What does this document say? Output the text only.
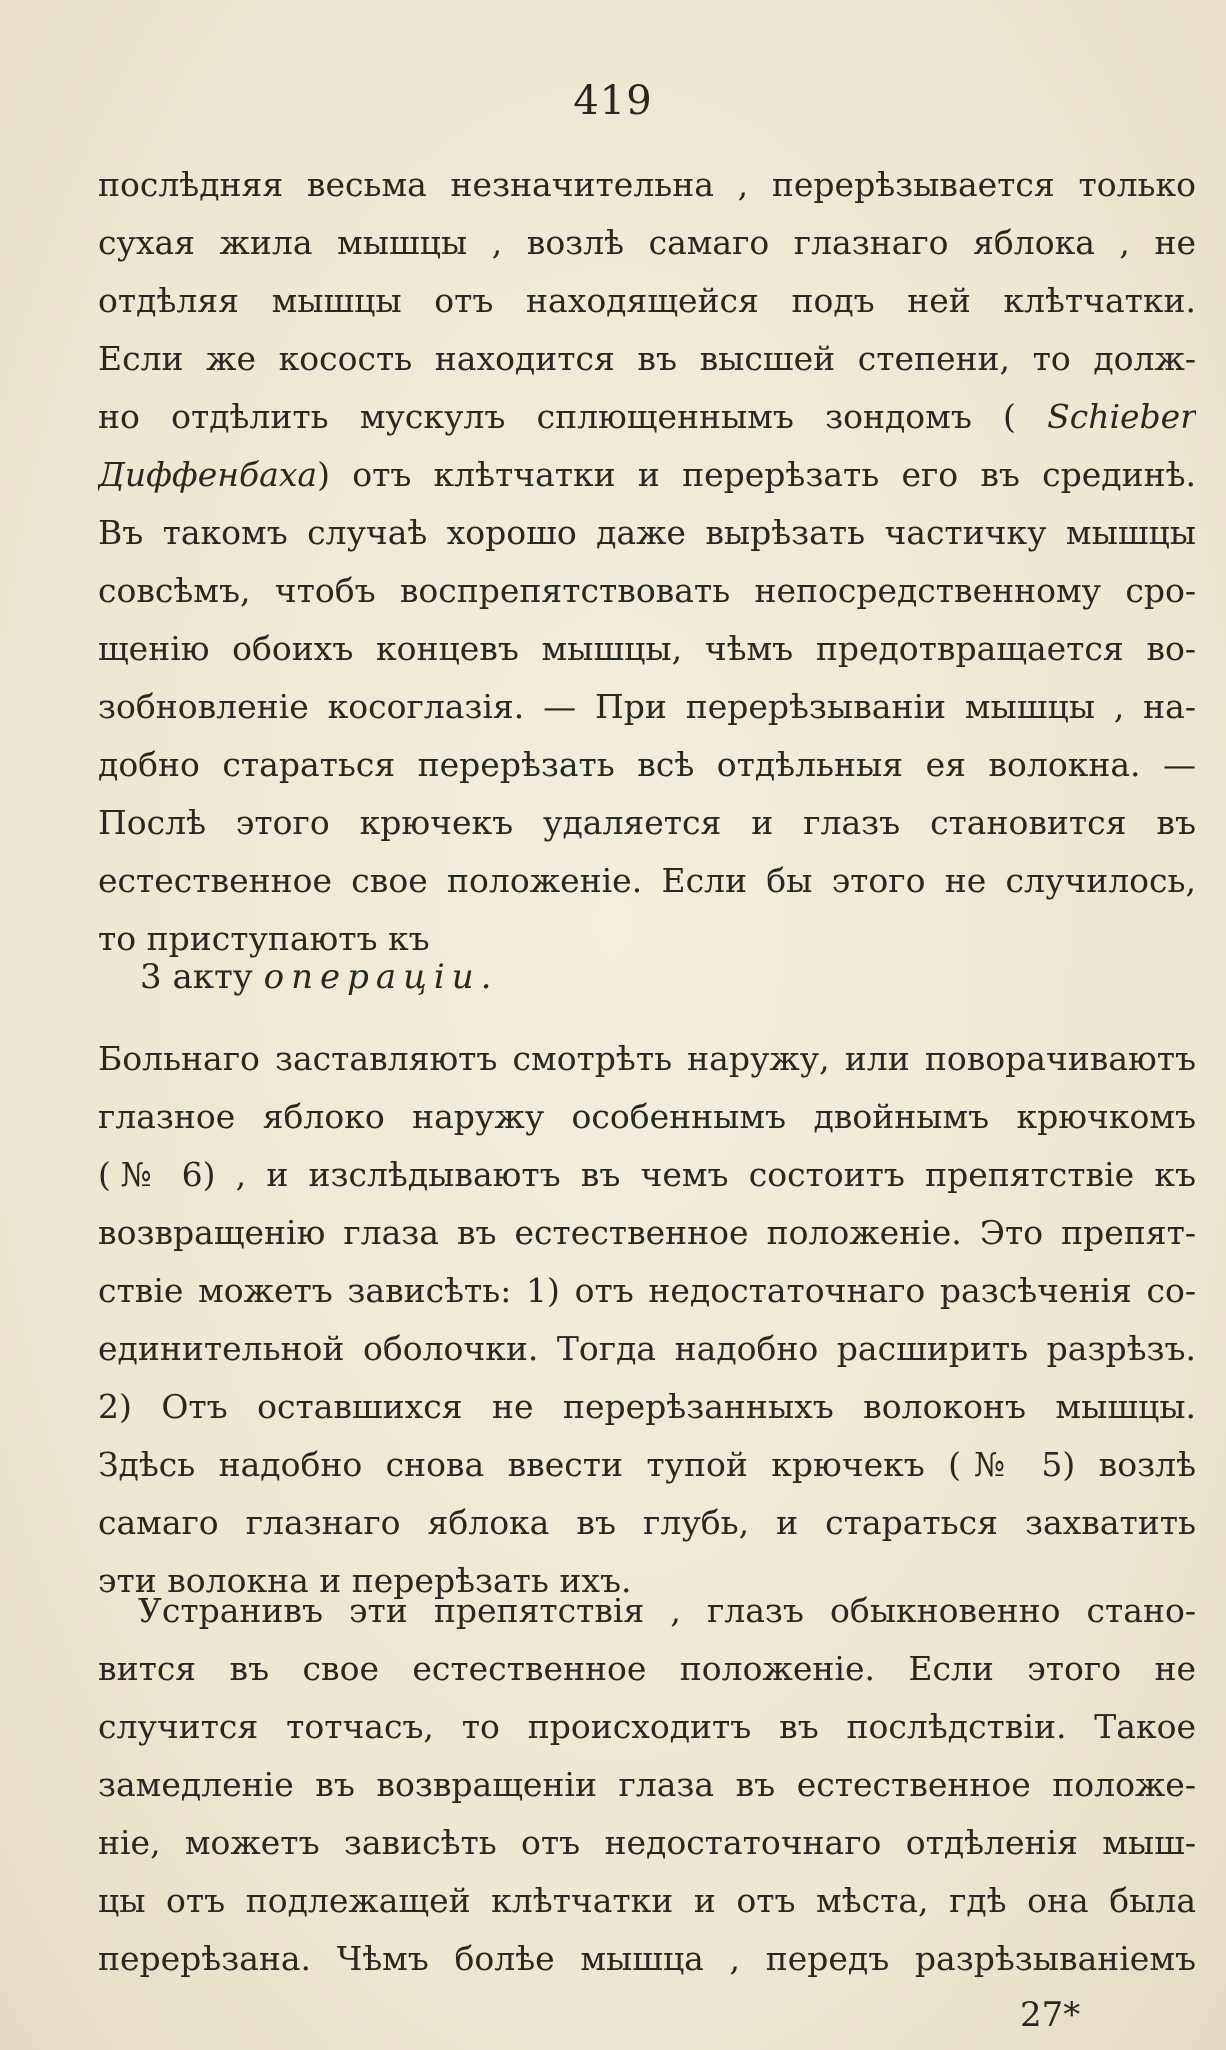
419
послѣдняя весьма незначительна , перерѣзывается только
сухая жила мышцы , возлѣ самаго глазнаго яблока , не
отдѣляя мышцы отъ находящейся подъ ней клѣтчатки.
Если же косость находится въ высшей степени, то долж-
но отдѣлить мускулъ сплющеннымъ зондомъ ( Schieber
Диффенбаха) отъ клѣтчатки и перерѣзать его въ срединѣ.
Въ такомъ случаѣ хорошо даже вырѣзать частичку мышцы
совсѣмъ, чтобъ воспрепятствовать непосредственному сро-
щенію обоихъ концевъ мышцы, чѣмъ предотвращается во-
зобновленіе косоглазія. — При перерѣзываніи мышцы , на-
добно стараться перерѣзать всѣ отдѣльныя ея волокна. —
Послѣ этого крючекъ удаляется и глазъ становится въ
естественное свое положеніе. Если бы этого не случилось,
то приступаютъ къ
3 акту операціи.
Больнаго заставляютъ смотрѣть наружу, или поворачиваютъ
глазное яблоко наружу особеннымъ двойнымъ крючкомъ
(№ 6) , и изслѣдываютъ въ чемъ состоитъ препятствіе къ
возвращенію глаза въ естественное положеніе. Это препят-
ствіе можетъ зависѣть: 1) отъ недостаточнаго разсѣченія со-
единительной оболочки. Тогда надобно расширить разрѣзъ.
2) Отъ оставшихся не перерѣзанныхъ волоконъ мышцы.
Здѣсь надобно снова ввести тупой крючекъ (№ 5) возлѣ
самаго глазнаго яблока въ глубь, и стараться захватить
эти волокна и перерѣзать ихъ.
Устранивъ эти препятствія , глазъ обыкновенно стано-
вится въ свое естественное положеніе. Если этого не
случится тотчасъ, то происходитъ въ послѣдствіи. Такое
замедленіе въ возвращеніи глаза въ естественное положе-
ніе, можетъ зависѣть отъ недостаточнаго отдѣленія мыш-
цы отъ подлежащей клѣтчатки и отъ мѣста, гдѣ она была
перерѣзана. Чѣмъ болѣе мышца , передъ разрѣзываніемъ
27*
